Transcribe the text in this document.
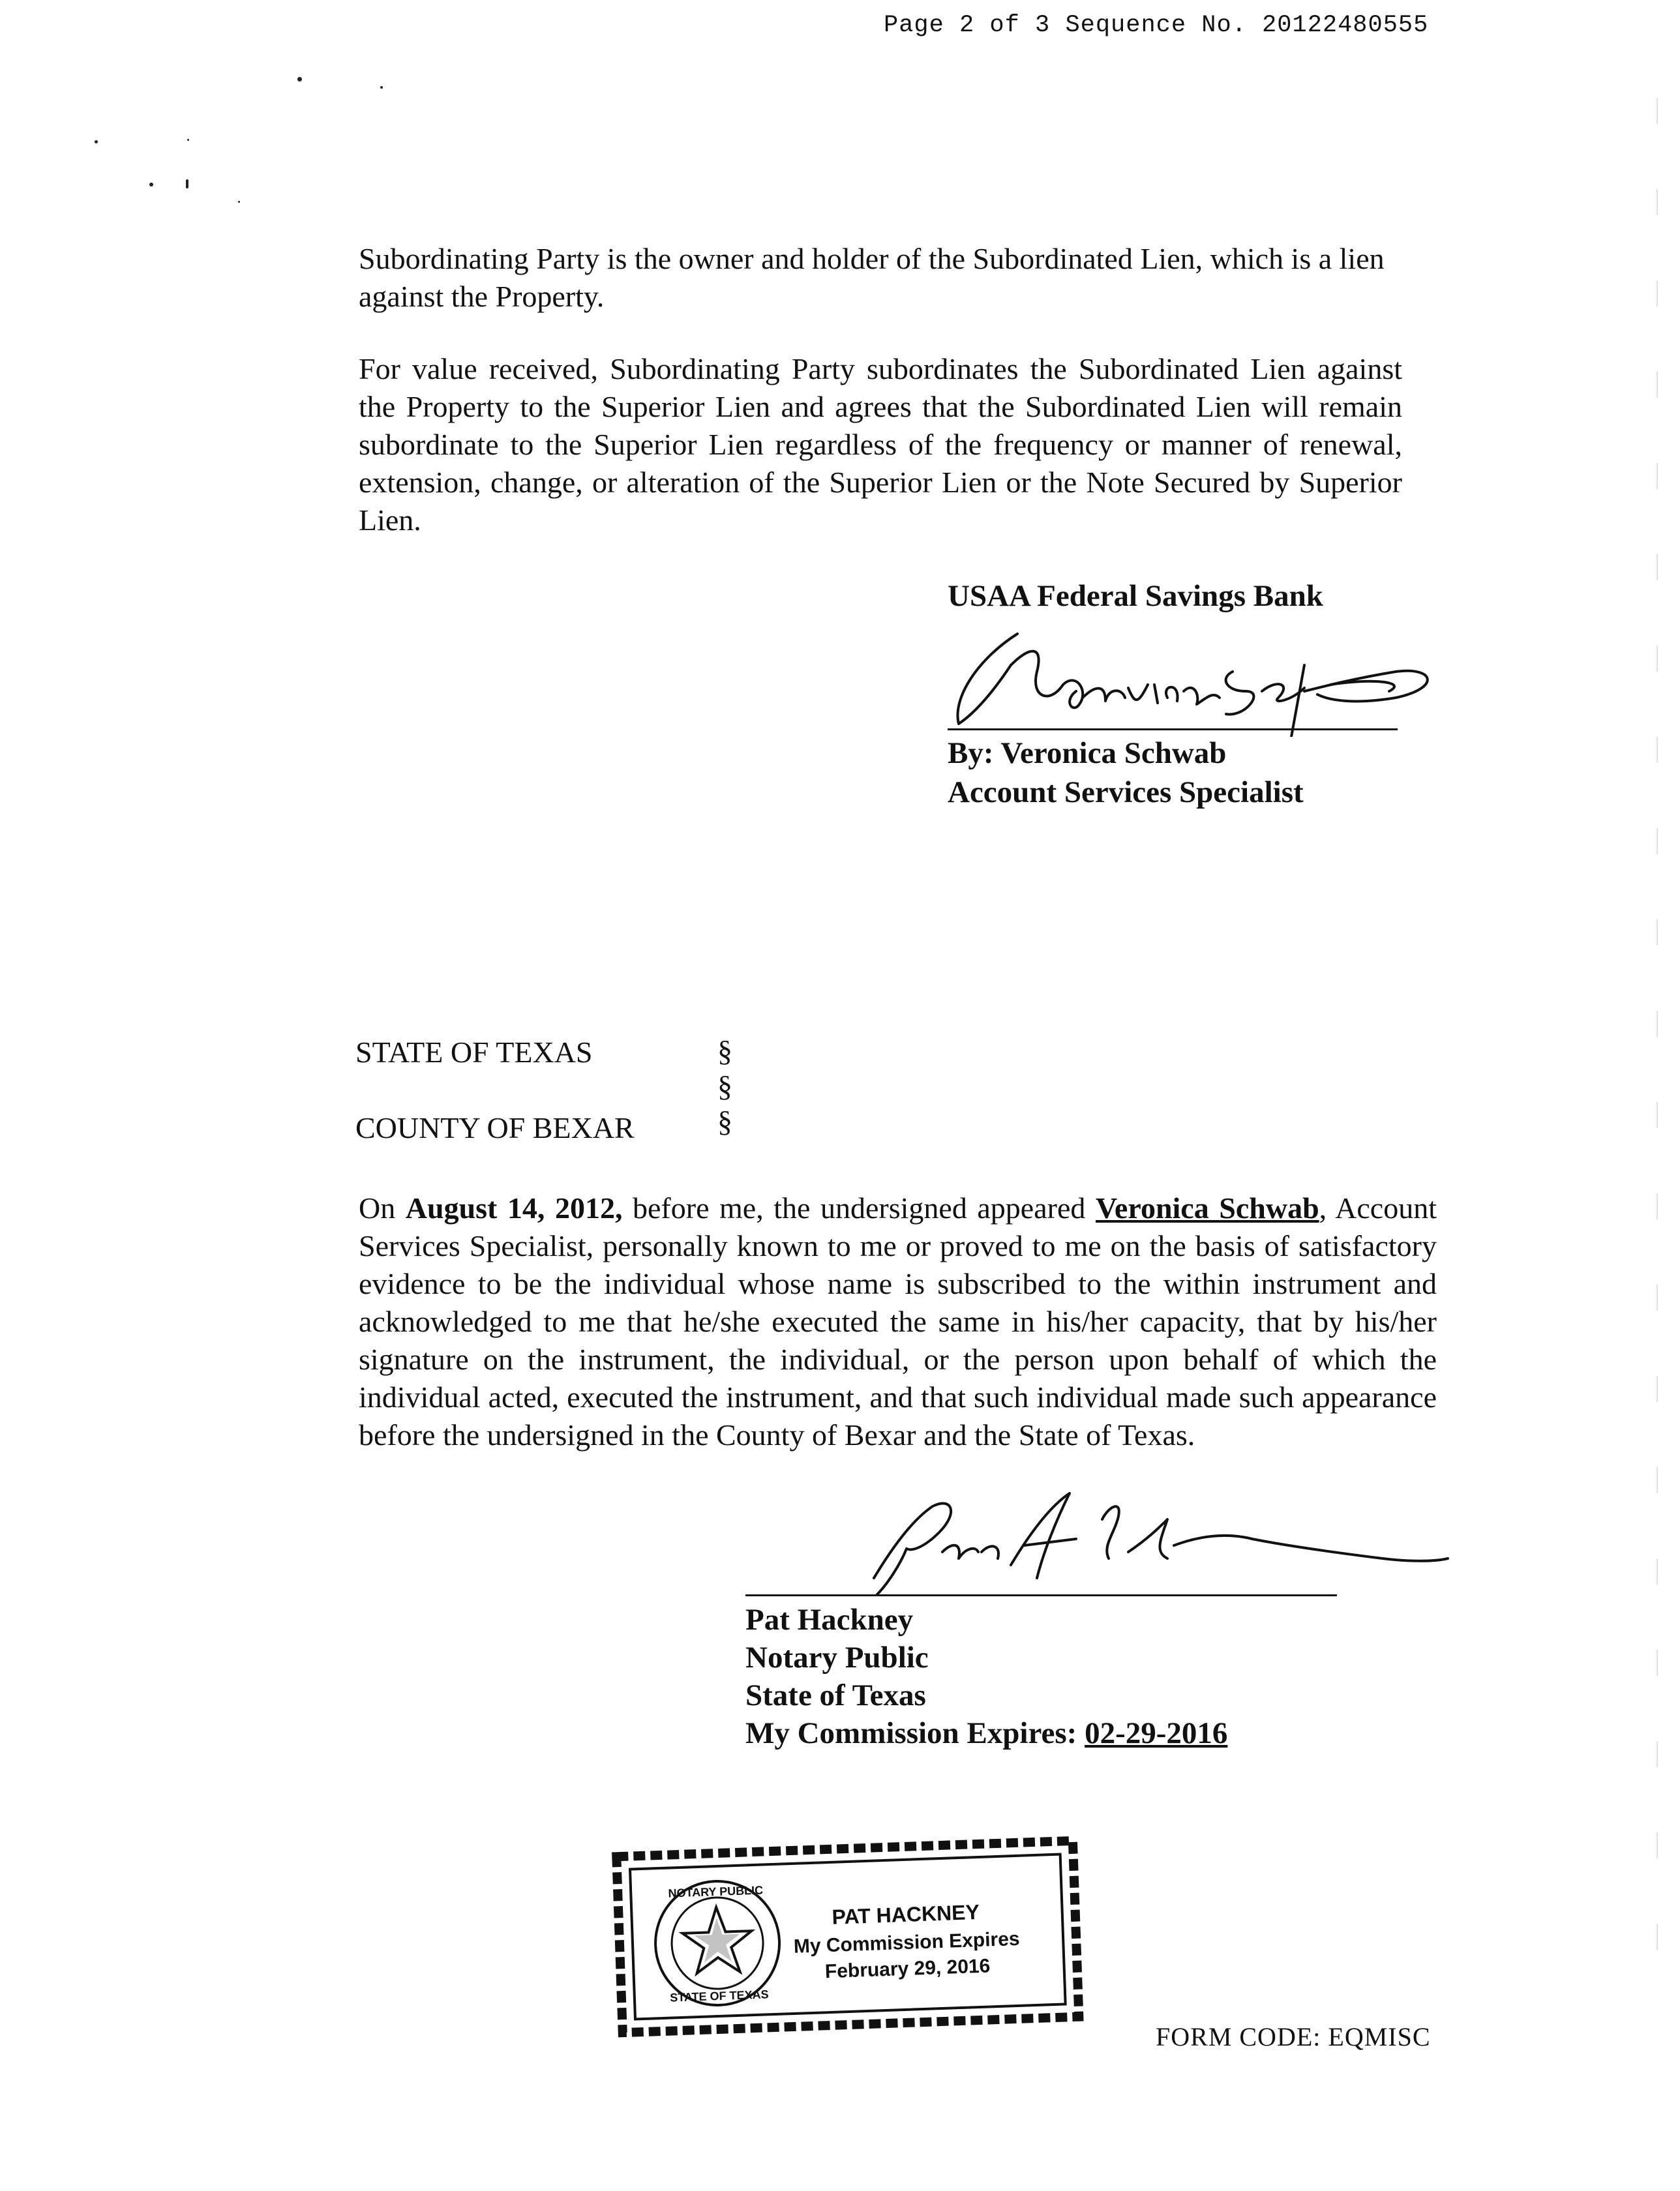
Page 2 of 3 Sequence No. 20122480555

Subordinating Party is the owner and holder of the Subordinated Lien, which is a lien against the Property.

For value received, Subordinating Party subordinates the Subordinated Lien against the Property to the Superior Lien and agrees that the Subordinated Lien will remain subordinate to the Superior Lien regardless of the frequency or manner of renewal, extension, change, or alteration of the Superior Lien or the Note Secured by Superior Lien.

USAA Federal Savings Bank

By: Veronica Schwab
Account Services Specialist
STATE OF TEXAS
COUNTY OF BEXAR
§
§
§

On August 14, 2012, before me, the undersigned appeared Veronica Schwab, Account Services Specialist, personally known to me or proved to me on the basis of satisfactory evidence to be the individual whose name is subscribed to the within instrument and acknowledged to me that he/she executed the same in his/her capacity, that by his/her signature on the instrument, the individual, or the person upon behalf of which the individual acted, executed the instrument, and that such individual made such appearance before the undersigned in the County of Bexar and the State of Texas.

Pat Hackney
Notary Public
State of Texas
My Commission Expires: 02-29-2016
NOTARY PUBLIC
STATE OF TEXAS
PAT HACKNEY
My Commission Expires
February 29, 2016
FORM CODE: EQMISC
